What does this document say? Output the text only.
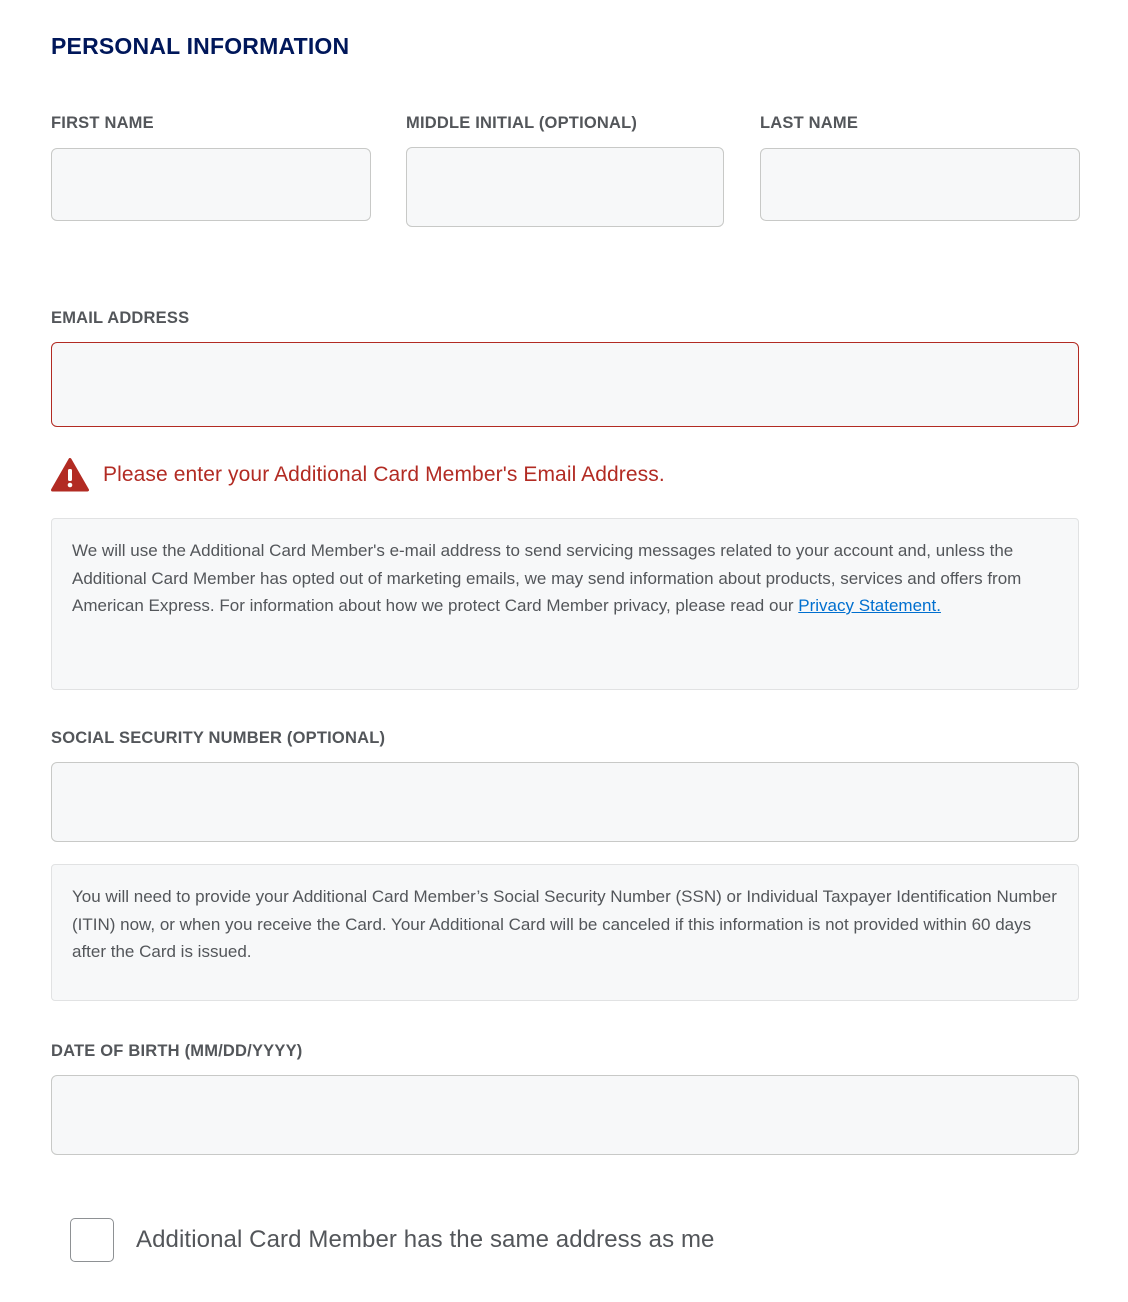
PERSONAL INFORMATION
FIRST NAME	MIDDLE INITIAL (OPTIONAL)	LAST NAME
EMAIL ADDRESS
Please enter your Additional Card Member's Email Address.
We will use the Additional Card Member's e-mail address to send servicing messages related to your account and, unless the Additional Card Member has opted out of marketing emails, we may send information about products, services and offers from American Express. For information about how we protect Card Member privacy, please read our Privacy Statement.
SOCIAL SECURITY NUMBER (OPTIONAL)
You will need to provide your Additional Card Member’s Social Security Number (SSN) or Individual Taxpayer Identification Number (ITIN) now, or when you receive the Card. Your Additional Card will be canceled if this information is not provided within 60 days after the Card is issued.
DATE OF BIRTH (MM/DD/YYYY)
Additional Card Member has the same address as me
